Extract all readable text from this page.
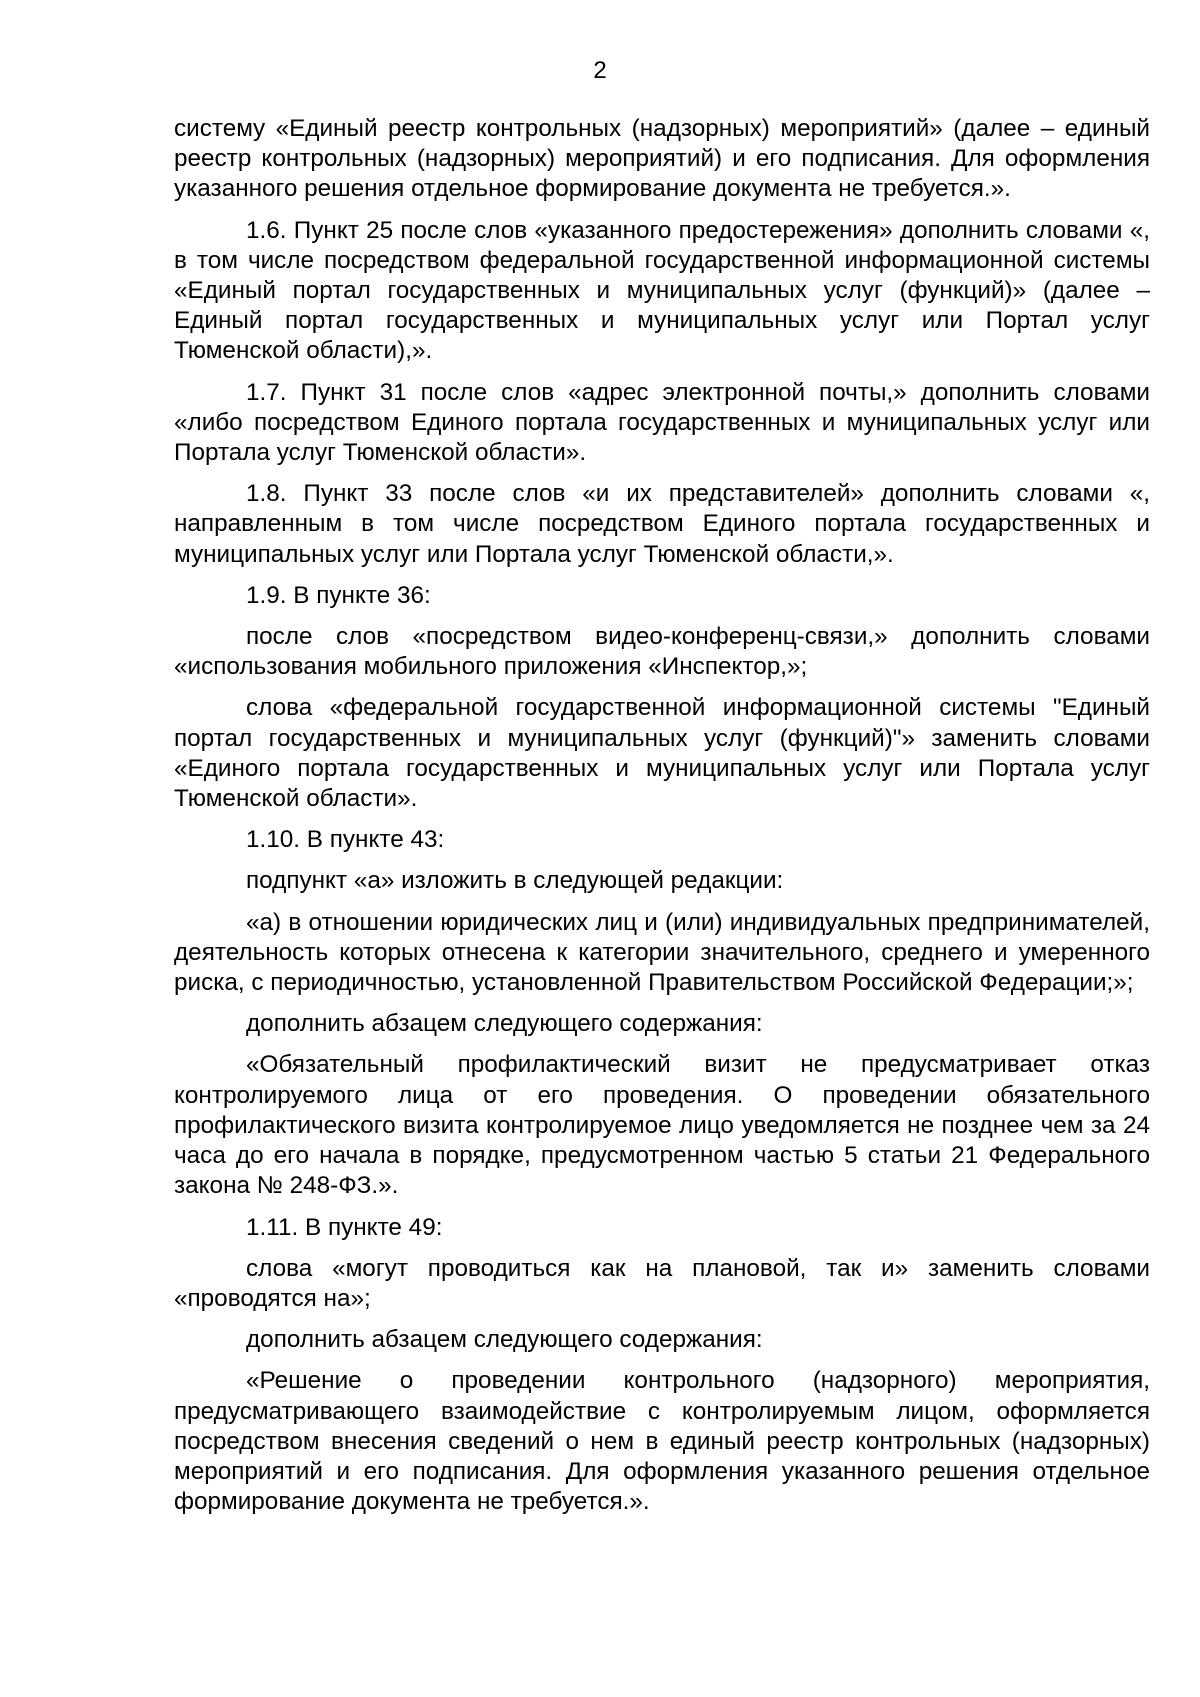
2

системy «Единый реестр контрольных (надзорных) мероприятий» (далее – единый реестр контрольных (надзорных) мероприятий) и его подписания. Для оформления указанного решения отдельное формирование документа не требуется.».

1.6. Пункт 25 после слов «указанного предостережения» дополнить словами «, в том числе посредством федеральной государственной информационной системы «Единый портал государственных и муниципальных услуг (функций)» (далее – Единый портал государственных и муниципальных услуг или Портал услуг Тюменской области),».

1.7. Пункт 31 после слов «адрес электронной почты,» дополнить словами «либо посредством Единого портала государственных и муниципальных услуг или Портала услуг Тюменской области».

1.8. Пункт 33 после слов «и их представителей» дополнить словами «, направленным в том числе посредством Единого портала государственных и муниципальных услуг или Портала услуг Тюменской области,».

1.9. В пункте 36:

после слов «посредством видео-конференц-связи,» дополнить словами «использования мобильного приложения «Инспектор,»;

слова «федеральной государственной информационной системы "Единый портал государственных и муниципальных услуг (функций)"» заменить словами «Единого портала государственных и муниципальных услуг или Портала услуг Тюменской области».

1.10. В пункте 43:

подпункт «а» изложить в следующей редакции:

«а) в отношении юридических лиц и (или) индивидуальных предпринимателей, деятельность которых отнесена к категории значительного, среднего и умеренного риска, с периодичностью, установленной Правительством Российской Федерации;»;

дополнить абзацем следующего содержания:

«Обязательный профилактический визит не предусматривает отказ контролируемого лица от его проведения. О проведении обязательного профилактического визита контролируемое лицо уведомляется не позднее чем за 24 часа до его начала в порядке, предусмотренном частью 5 статьи 21 Федерального закона № 248-ФЗ.».

1.11. В пункте 49:

слова «могут проводиться как на плановой, так и» заменить словами «проводятся на»;

дополнить абзацем следующего содержания:

«Решение о проведении контрольного (надзорного) мероприятия, предусматривающего взаимодействие с контролируемым лицом, оформляется посредством внесения сведений о нем в единый реестр контрольных (надзорных) мероприятий и его подписания. Для оформления указанного решения отдельное формирование документа не требуется.».
